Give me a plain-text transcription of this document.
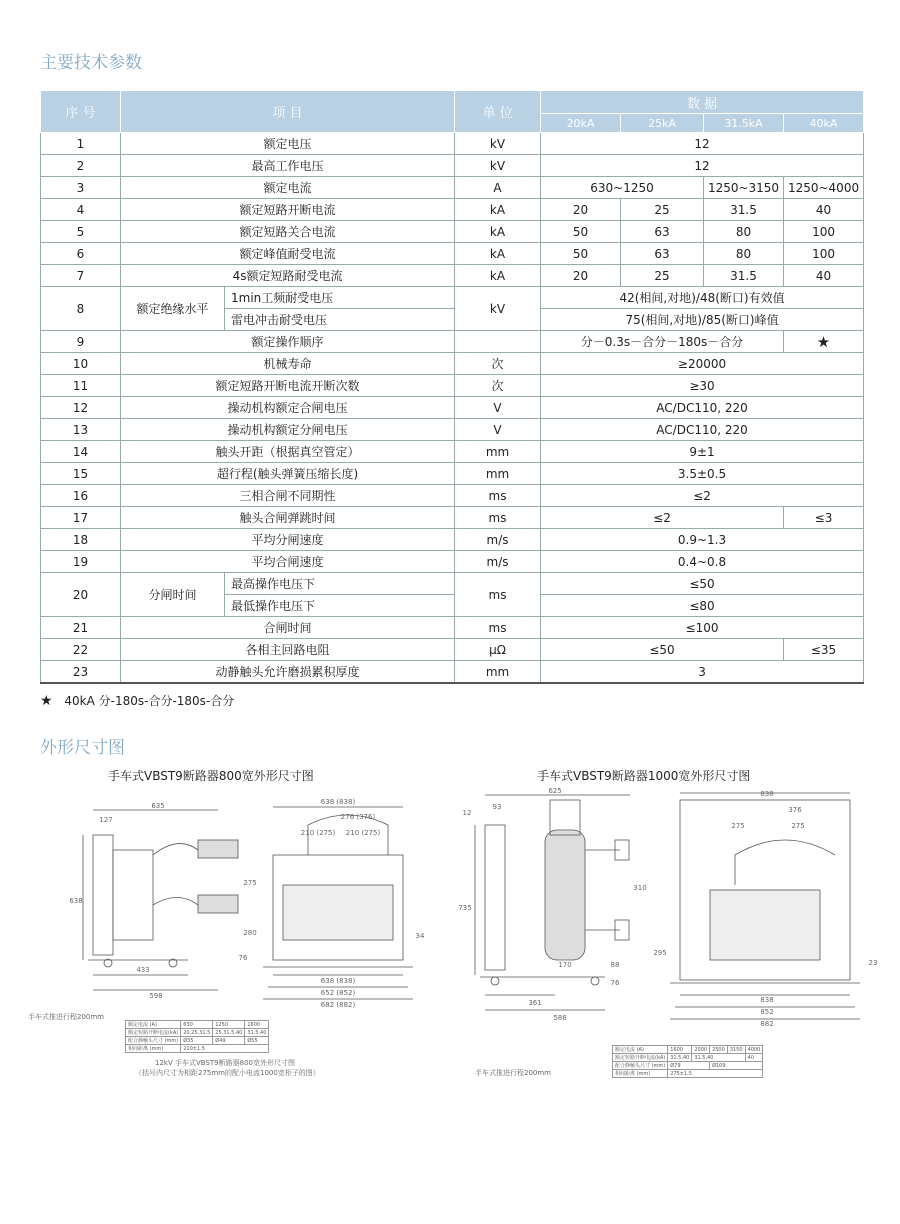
主要技术参数
序 号	项 目		单 位	数 据			
				20kA	25kA	31.5kA	40kA
1	额定电压		kV	12			
2	最高工作电压		kV	12			
3	额定电流		A	630~1250		1250~3150	1250~4000
4	额定短路开断电流		kA	20	25	31.5	40
5	额定短路关合电流		kA	50	63	80	100
6	额定峰值耐受电流		kA	50	63	80	100
7	4s额定短路耐受电流		kA	20	25	31.5	40
8	额定绝缘水平	1min工频耐受电压	kV	42(相间,对地)/48(断口)有效值			
		雷电冲击耐受电压		75(相间,对地)/85(断口)峰值			
9	额定操作顺序			分－0.3s－合分－180s－合分			★
10	机械寿命		次	≥20000			
11	额定短路开断电流开断次数		次	≥30			
12	操动机构额定合闸电压		V	AC/DC110, 220			
13	操动机构额定分闸电压		V	AC/DC110, 220			
14	触头开距（根据真空管定）		mm	9±1			
15	超行程(触头弹簧压缩长度)		mm	3.5±0.5			
16	三相合闸不同期性		ms	≤2			
17	触头合闸弹跳时间		ms	≤2			≤3
18	平均分闸速度		m/s	0.9~1.3			
19	平均合闸速度		m/s	0.4~0.8			
20	分闸时间	最高操作电压下	ms	≤50			
		最低操作电压下		≤80			
21	合闸时间		ms	≤100			
22	各相主回路电阻		μΩ	≤50			≤35
23	动静触头允许磨损累积厚度		mm	3			
★ 40kA 分-180s-合分-180s-合分
外形尺寸图
手车式VBST9断路器800宽外形尺寸图
635
127
638
433
598
638 (838)
276 (376)
210 (275) 210 (275)
275
280
76
34
638 (838)
652 (852)
682 (882)
手车式推进行程200mm
额定电流 (A)	630	1250	1600
额定短路开断电流(kA)	20,25,31.5	25,31.5,40	31.5,40
配合静触头尺寸 (mm)	Ø35	Ø49	Ø55
相间距离 (mm)	210±1.5		
12kV 手车式VBST9断路器800宽外形尺寸图
（括号内尺寸为相距275mm的配小电流1000宽柜子的图）
手车式VBST9断路器1000宽外形尺寸图
625
93
12
735
310
295
170	88
76
361
586
838
376
275	275
23
838
852
882
额定电流 (A)	1600	2000	2500	3150	4000
额定短路开断电流(kA)	31.5,40	31.5,40			40
配合静触头尺寸 (mm)	Ø79		Ø109		
相间距离 (mm)	275±1.5				
手车式推进行程200mm
